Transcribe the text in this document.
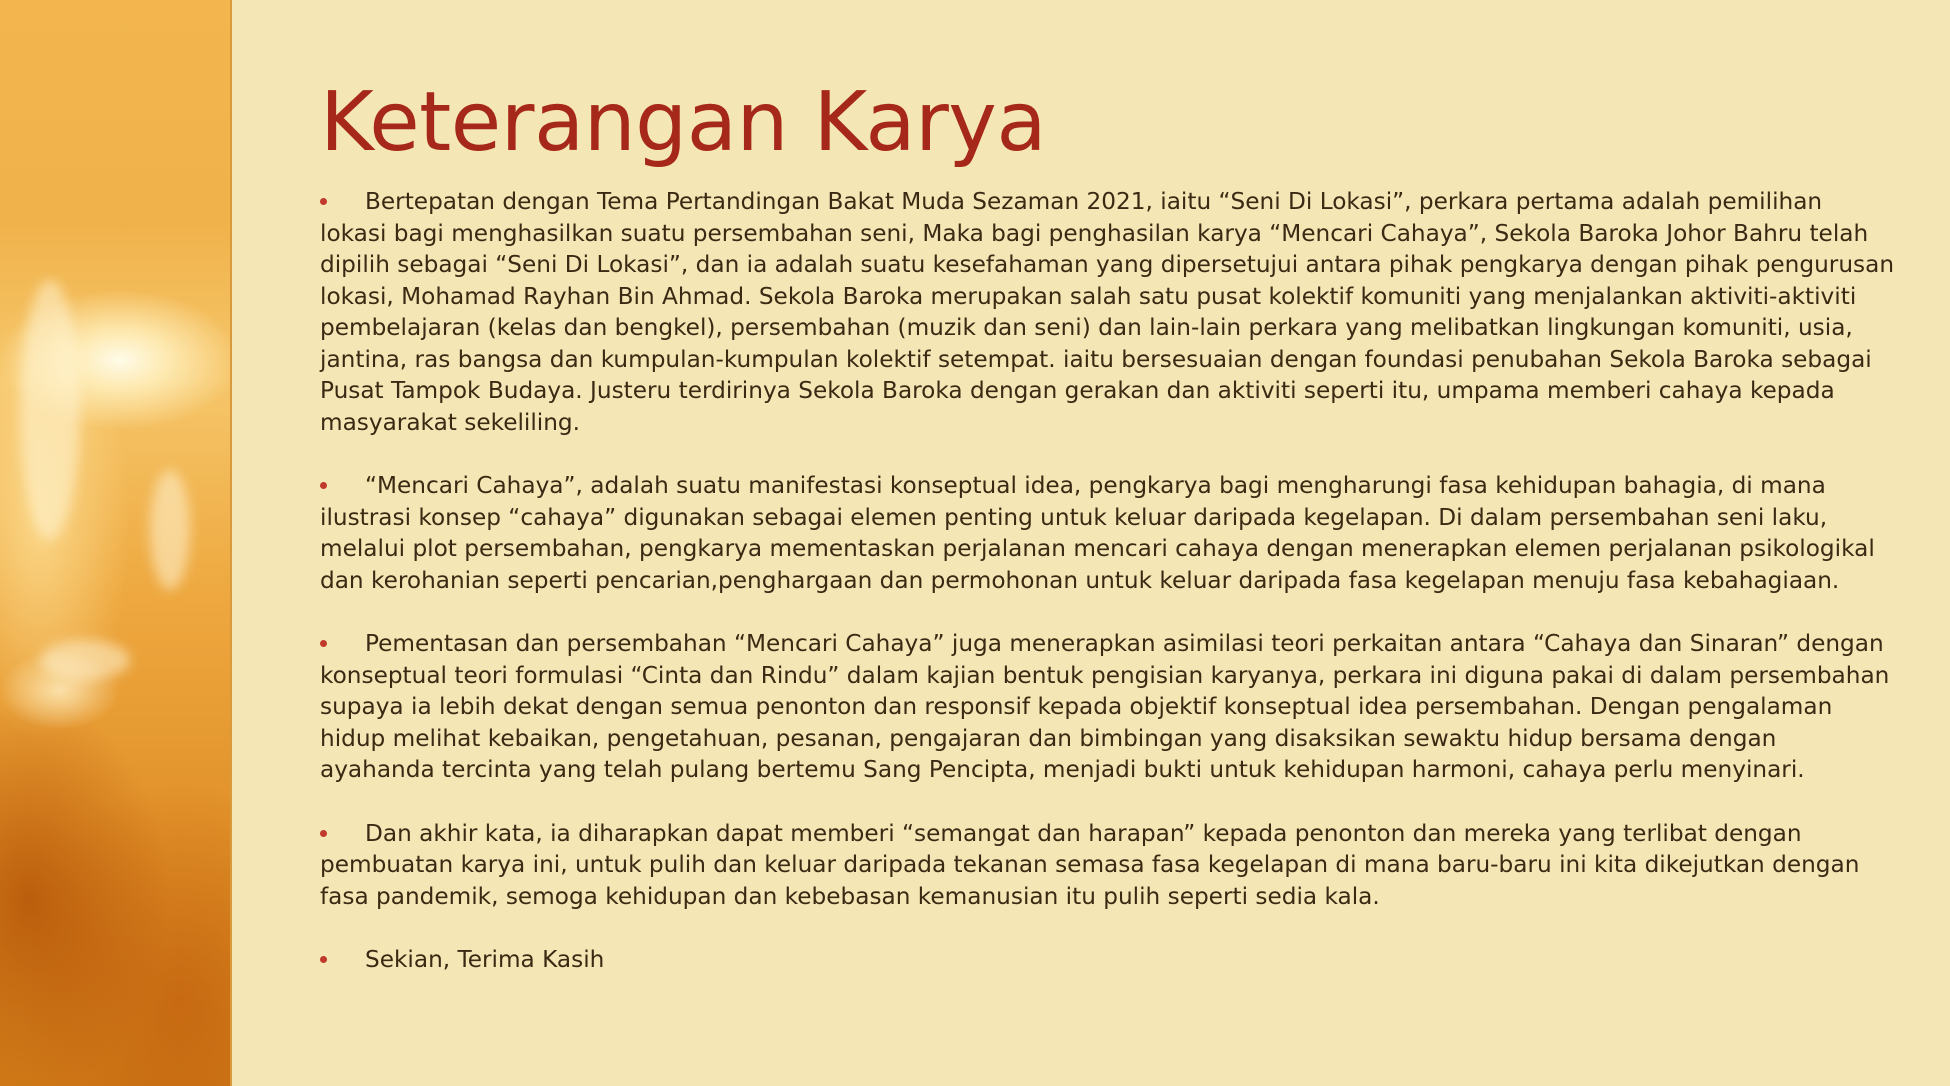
Keterangan Karya
Bertepatan dengan Tema Pertandingan Bakat Muda Sezaman 2021, iaitu “Seni Di Lokasi”, perkara pertama adalah pemilihan lokasi bagi menghasilkan suatu persembahan seni, Maka bagi penghasilan karya “Mencari Cahaya”, Sekola Baroka Johor Bahru telah dipilih sebagai “Seni Di Lokasi”, dan ia adalah suatu kesefahaman yang dipersetujui antara pihak pengkarya dengan pihak pengurusan lokasi, Mohamad Rayhan Bin Ahmad. Sekola Baroka merupakan salah satu pusat kolektif komuniti yang menjalankan aktiviti-aktiviti pembelajaran (kelas dan bengkel), persembahan (muzik dan seni) dan lain-lain perkara yang melibatkan lingkungan komuniti, usia, jantina, ras bangsa dan kumpulan-kumpulan kolektif setempat. iaitu bersesuaian dengan foundasi penubahan Sekola Baroka sebagai Pusat Tampok Budaya. Justeru terdirinya Sekola Baroka dengan gerakan dan aktiviti seperti itu, umpama memberi cahaya kepada masyarakat sekeliling.
“Mencari Cahaya”, adalah suatu manifestasi konseptual idea, pengkarya bagi mengharungi fasa kehidupan bahagia, di mana ilustrasi konsep “cahaya” digunakan sebagai elemen penting untuk keluar daripada kegelapan. Di dalam persembahan seni laku, melalui plot persembahan, pengkarya mementaskan perjalanan mencari cahaya dengan menerapkan elemen perjalanan psikologikal dan kerohanian seperti pencarian,penghargaan dan permohonan untuk keluar daripada fasa kegelapan menuju fasa kebahagiaan.
Pementasan dan persembahan “Mencari Cahaya” juga menerapkan asimilasi teori perkaitan antara “Cahaya dan Sinaran” dengan konseptual teori formulasi “Cinta dan Rindu” dalam kajian bentuk pengisian karyanya, perkara ini diguna pakai di dalam persembahan supaya ia lebih dekat dengan semua penonton dan responsif kepada objektif konseptual idea persembahan. Dengan pengalaman hidup melihat kebaikan, pengetahuan, pesanan, pengajaran dan bimbingan yang disaksikan sewaktu hidup bersama dengan ayahanda tercinta yang telah pulang bertemu Sang Pencipta, menjadi bukti untuk kehidupan harmoni, cahaya perlu menyinari.
Dan akhir kata, ia diharapkan dapat memberi “semangat dan harapan” kepada penonton dan mereka yang terlibat dengan pembuatan karya ini, untuk pulih dan keluar daripada tekanan semasa fasa kegelapan di mana baru-baru ini kita dikejutkan dengan fasa pandemik, semoga kehidupan dan kebebasan kemanusian itu pulih seperti sedia kala.
Sekian, Terima Kasih
